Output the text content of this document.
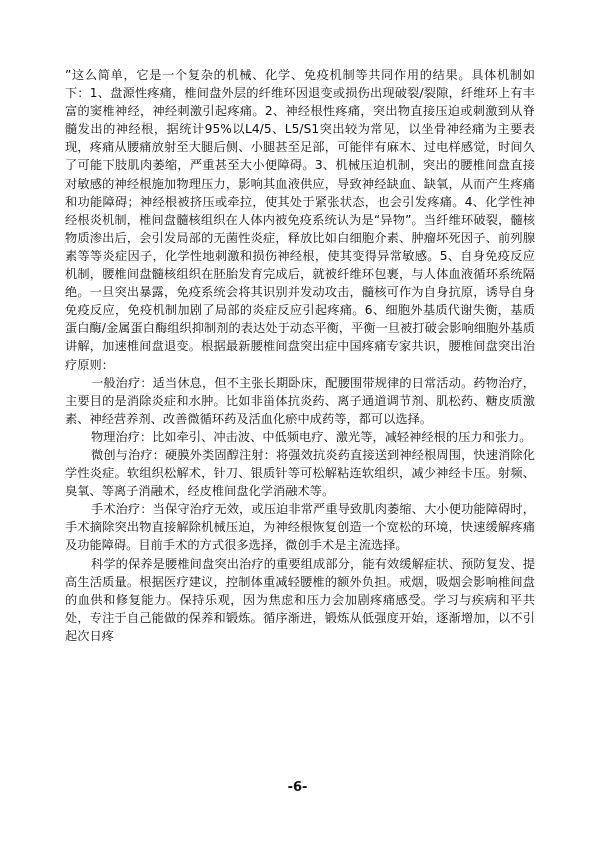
”这么简单，它是一个复杂的机械、化学、免疫机制等共同作用的结果。具体机制如下：1、盘源性疼痛，椎间盘外层的纤维环因退变或损伤出现破裂/裂隙，纤维环上有丰富的窦椎神经，神经刺激引起疼痛。2、神经根性疼痛，突出物直接压迫或刺激到从脊髓发出的神经根，据统计95%以L4/5、L5/S1突出较为常见，以坐骨神经痛为主要表现，疼痛从腰痛放射至大腿后侧、小腿甚至足部，可能伴有麻木、过电样感觉，时间久了可能下肢肌肉萎缩，严重甚至大小便障碍。3、机械压迫机制，突出的腰椎间盘直接对敏感的神经根施加物理压力，影响其血液供应，导致神经缺血、缺氧，从而产生疼痛和功能障碍；神经根被挤压或牵拉，使其处于紧张状态，也会引发疼痛。4、化学性神经根炎机制，椎间盘髓核组织在人体内被免疫系统认为是“异物”。当纤维环破裂，髓核物质渗出后，会引发局部的无菌性炎症，释放比如白细胞介素、肿瘤坏死因子、前列腺素等等炎症因子，化学性地刺激和损伤神经根，使其变得异常敏感。5、自身免疫反应机制，腰椎间盘髓核组织在胚胎发育完成后，就被纤维环包裹，与人体血液循环系统隔绝。一旦突出暴露，免疫系统会将其识别并发动攻击，髓核可作为自身抗原，诱导自身免疫反应，免疫机制加剧了局部的炎症反应引起疼痛。6、细胞外基质代谢失衡，基质蛋白酶/金属蛋白酶组织抑制剂的表达处于动态平衡，平衡一旦被打破会影响细胞外基质讲解，加速椎间盘退变。根据最新腰椎间盘突出症中国疼痛专家共识，腰椎间盘突出治疗原则：

一般治疗：适当休息，但不主张长期卧床，配腰围带规律的日常活动。药物治疗，主要目的是消除炎症和水肿。比如非甾体抗炎药、离子通道调节剂、肌松药、糖皮质激素、神经营养剂、改善微循环药及活血化瘀中成药等，都可以选择。

物理治疗：比如牵引、冲击波、中低频电疗、激光等，减轻神经根的压力和张力。

微创与治疗：硬膜外类固醇注射：将强效抗炎药直接送到神经根周围，快速消除化学性炎症。软组织松解术，针刀、银质针等可松解粘连软组织，减少神经卡压。射频、臭氧、等离子消融术，经皮椎间盘化学消融术等。

手术治疗：当保守治疗无效，或压迫非常严重导致肌肉萎缩、大小便功能障碍时，手术摘除突出物直接解除机械压迫，为神经根恢复创造一个宽松的环境，快速缓解疼痛及功能障碍。目前手术的方式很多选择，微创手术是主流选择。

科学的保养是腰椎间盘突出治疗的重要组成部分，能有效缓解症状、预防复发、提高生活质量。根据医疗建议，控制体重减轻腰椎的额外负担。戒烟，吸烟会影响椎间盘的血供和修复能力。保持乐观，因为焦虑和压力会加剧疼痛感受。学习与疾病和平共处，专注于自己能做的保养和锻炼。循序渐进，锻炼从低强度开始，逐渐增加，以不引起次日疼

-6-
